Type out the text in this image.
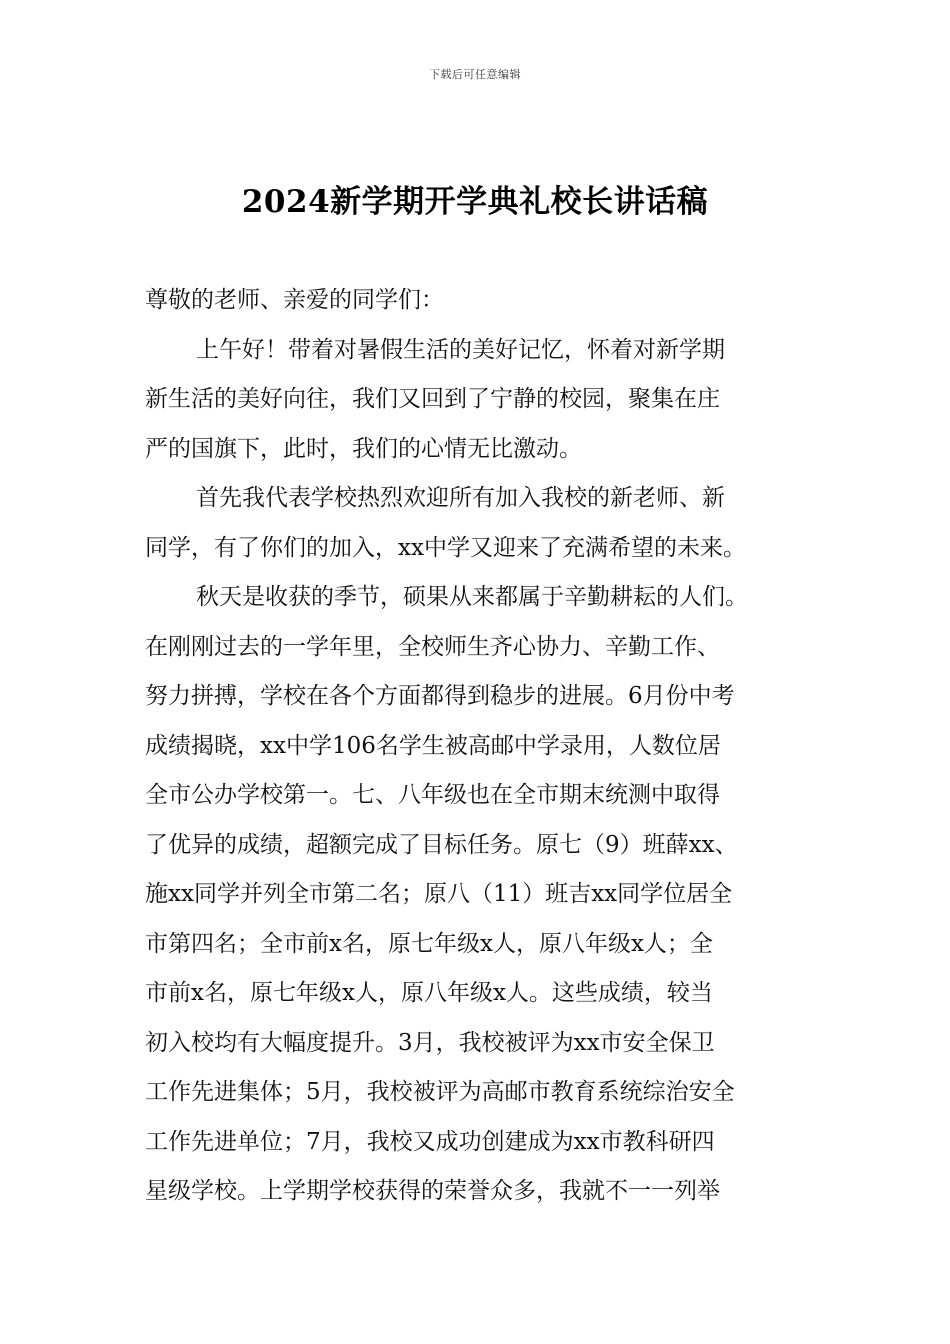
下载后可任意编辑
2024新学期开学典礼校长讲话稿
尊敬的老师、亲爱的同学们：
上午好！带着对暑假生活的美好记忆，怀着对新学期
新生活的美好向往，我们又回到了宁静的校园，聚集在庄
严的国旗下，此时，我们的心情无比激动。
首先我代表学校热烈欢迎所有加入我校的新老师、新
同学，有了你们的加入，xx中学又迎来了充满希望的未来。
秋天是收获的季节，硕果从来都属于辛勤耕耘的人们。
在刚刚过去的一学年里，全校师生齐心协力、辛勤工作、
努力拼搏，学校在各个方面都得到稳步的进展。6月份中考
成绩揭晓，xx中学106名学生被高邮中学录用，人数位居
全市公办学校第一。七、八年级也在全市期末统测中取得
了优异的成绩，超额完成了目标任务。原七（9）班薛xx、
施xx同学并列全市第二名；原八（11）班吉xx同学位居全
市第四名；全市前x名，原七年级x人，原八年级x人；全
市前x名，原七年级x人，原八年级x人。这些成绩，较当
初入校均有大幅度提升。3月，我校被评为xx市安全保卫
工作先进集体；5月，我校被评为高邮市教育系统综治安全
工作先进单位；7月，我校又成功创建成为xx市教科研四
星级学校。上学期学校获得的荣誉众多，我就不一一列举
